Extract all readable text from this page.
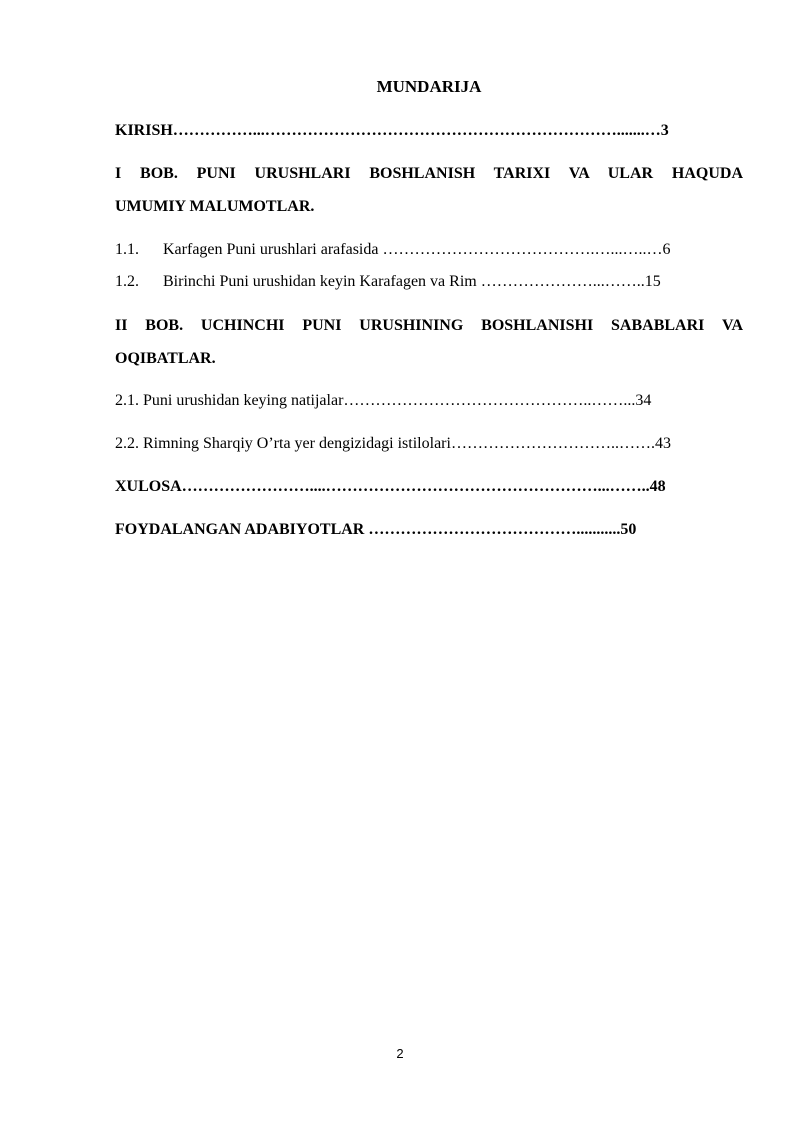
MUNDARIJA
KIRISH……………...………………………………………………………….......…3
I BOB. PUNI URUSHLARI BOSHLANISH TARIXI VA ULAR HAQUDA
UMUMIY MALUMOTLAR.
1.1. Karfagen Puni urushlari arafasida ………………………………….…...…..…6
1.2. Birinchi Puni urushidan keyin Karafagen va Rim …………………...……..15
II BOB. UCHINCHI PUNI URUSHINING BOSHLANISHI SABABLARI VA
OQIBATLAR.
2.1. Puni urushidan keying natijalar………………………………………..……...34
2.2. Rimning Sharqiy O’rta yer dengizidagi istilolari…………………………..…….43
XULOSA……………………....……………………………………………...……..48
FOYDALANGAN ADABIYOTLAR …………………………………...........50
2
